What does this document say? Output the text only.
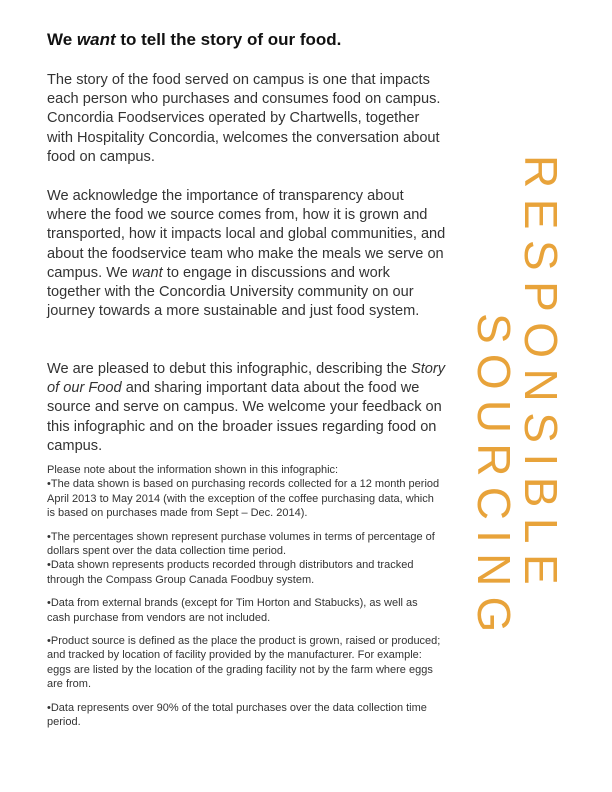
We want to tell the story of our food.

The story of the food served on campus is one that impacts each person who purchases and consumes food on campus. Concordia Foodservices operated by Chartwells, together with Hospitality Concordia, welcomes the conversation about food on campus.

We acknowledge the importance of transparency about where the food we source comes from, how it is grown and transported, how it impacts local and global communities, and about the foodservice team who make the meals we serve on campus. We want to engage in discussions and work together with the Concordia University community on our journey towards a more sustainable and just food system.

We are pleased to debut this infographic, describing the Story of our Food and sharing important data about the food we source and serve on campus. We welcome your feedback on this infographic and on the broader issues regarding food on campus.

Please note about the information shown in this infographic:

•The data shown is based on purchasing records collected for a 12 month period April 2013 to May 2014 (with the exception of the coffee purchasing data, which is based on purchases made from Sept – Dec. 2014).

•The percentages shown represent purchase volumes in terms of percentage of dollars spent over the data collection time period.

•Data shown represents products recorded through distributors and tracked through the Compass Group Canada Foodbuy system.

•Data from external brands (except for Tim Horton and Stabucks), as well as cash purchase from vendors are not included.

•Product source is defined as the place the product is grown, raised or produced; and tracked by location of facility provided by the manufacturer. For example: eggs are listed by the location of the grading facility not by the farm where eggs are from.

•Data represents over 90% of the total purchases over the data collection time period.

RESPONSIBLE
SOURCING
